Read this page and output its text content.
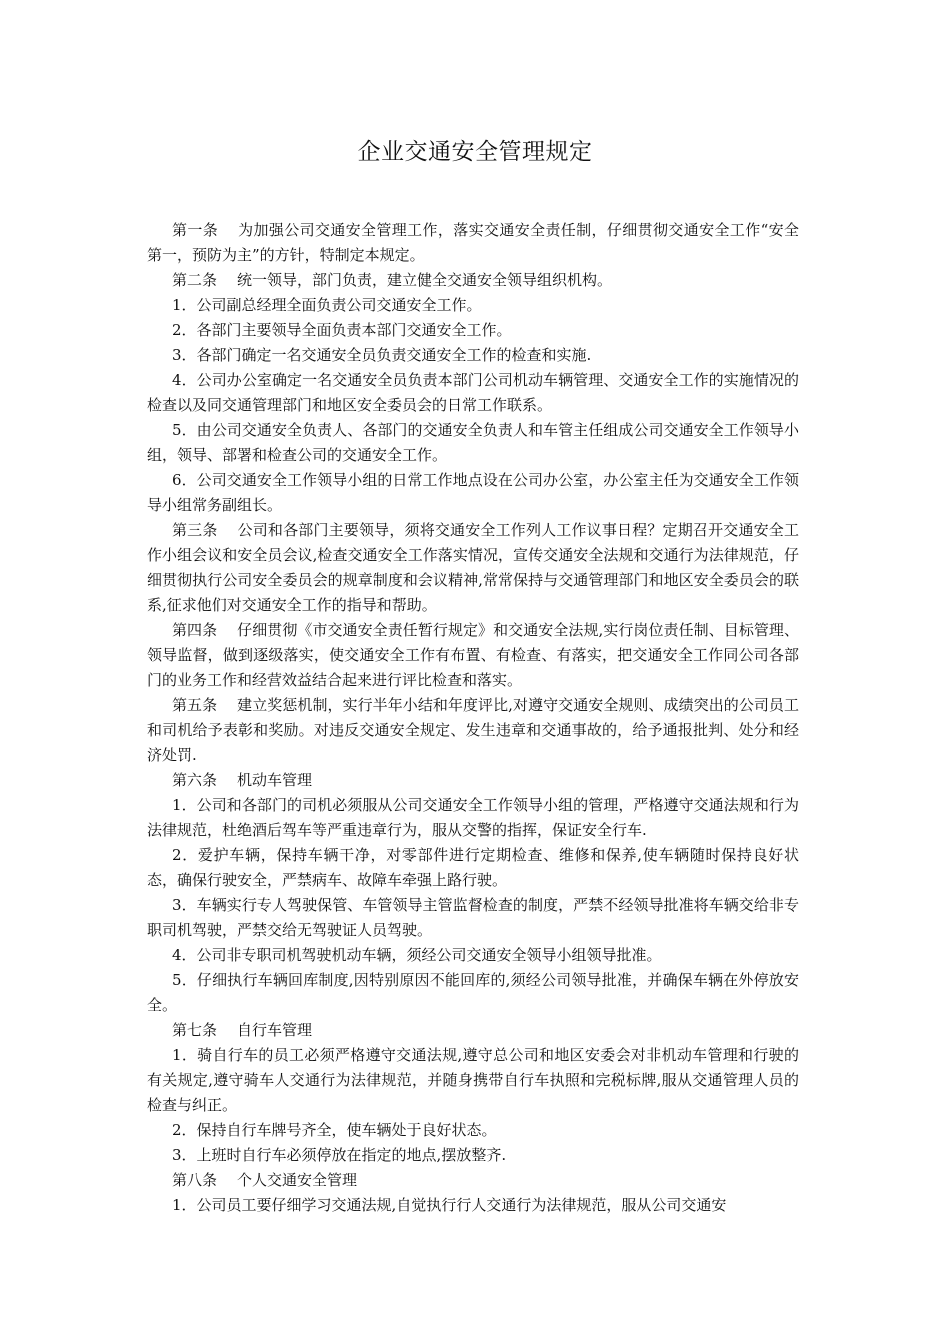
企业交通安全管理规定

第一条 为加强公司交通安全管理工作，落实交通安全责任制，仔细贯彻交通安全工作“安全第一，预防为主”的方针，特制定本规定。

第二条 统一领导，部门负责，建立健全交通安全领导组织机构。

1．公司副总经理全面负责公司交通安全工作。

2．各部门主要领导全面负责本部门交通安全工作。

3．各部门确定一名交通安全员负责交通安全工作的检查和实施.

4．公司办公室确定一名交通安全员负责本部门公司机动车辆管理、交通安全工作的实施情况的检查以及同交通管理部门和地区安全委员会的日常工作联系。

5．由公司交通安全负责人、各部门的交通安全负责人和车管主任组成公司交通安全工作领导小组，领导、部署和检查公司的交通安全工作。

6．公司交通安全工作领导小组的日常工作地点设在公司办公室，办公室主任为交通安全工作领导小组常务副组长。

第三条 公司和各部门主要领导，须将交通安全工作列人工作议事日程？定期召开交通安全工作小组会议和安全员会议,检查交通安全工作落实情况，宣传交通安全法规和交通行为法律规范，仔细贯彻执行公司安全委员会的规章制度和会议精神,常常保持与交通管理部门和地区安全委员会的联系,征求他们对交通安全工作的指导和帮助。

第四条 仔细贯彻《市交通安全责任暂行规定》和交通安全法规,实行岗位责任制、目标管理、领导监督，做到逐级落实，使交通安全工作有布置、有检查、有落实，把交通安全工作同公司各部门的业务工作和经营效益结合起来进行评比检查和落实。

第五条 建立奖惩机制，实行半年小结和年度评比,对遵守交通安全规则、成绩突出的公司员工和司机给予表彰和奖励。对违反交通安全规定、发生违章和交通事故的，给予通报批判、处分和经济处罚.

第六条 机动车管理

1．公司和各部门的司机必须服从公司交通安全工作领导小组的管理，严格遵守交通法规和行为法律规范，杜绝酒后驾车等严重违章行为，服从交警的指挥，保证安全行车.

2．爱护车辆，保持车辆干净，对零部件进行定期检查、维修和保养,使车辆随时保持良好状态，确保行驶安全，严禁病车、故障车牵强上路行驶。

3．车辆实行专人驾驶保管、车管领导主管监督检查的制度，严禁不经领导批准将车辆交给非专职司机驾驶，严禁交给无驾驶证人员驾驶。

4．公司非专职司机驾驶机动车辆，须经公司交通安全领导小组领导批准。

5．仔细执行车辆回库制度,因特别原因不能回库的,须经公司领导批准，并确保车辆在外停放安全。

第七条 自行车管理

1．骑自行车的员工必须严格遵守交通法规,遵守总公司和地区安委会对非机动车管理和行驶的有关规定,遵守骑车人交通行为法律规范，并随身携带自行车执照和完税标牌,服从交通管理人员的检查与纠正。

2．保持自行车牌号齐全，使车辆处于良好状态。

3．上班时自行车必须停放在指定的地点,摆放整齐.

第八条 个人交通安全管理

1．公司员工要仔细学习交通法规,自觉执行行人交通行为法律规范，服从公司交通安
